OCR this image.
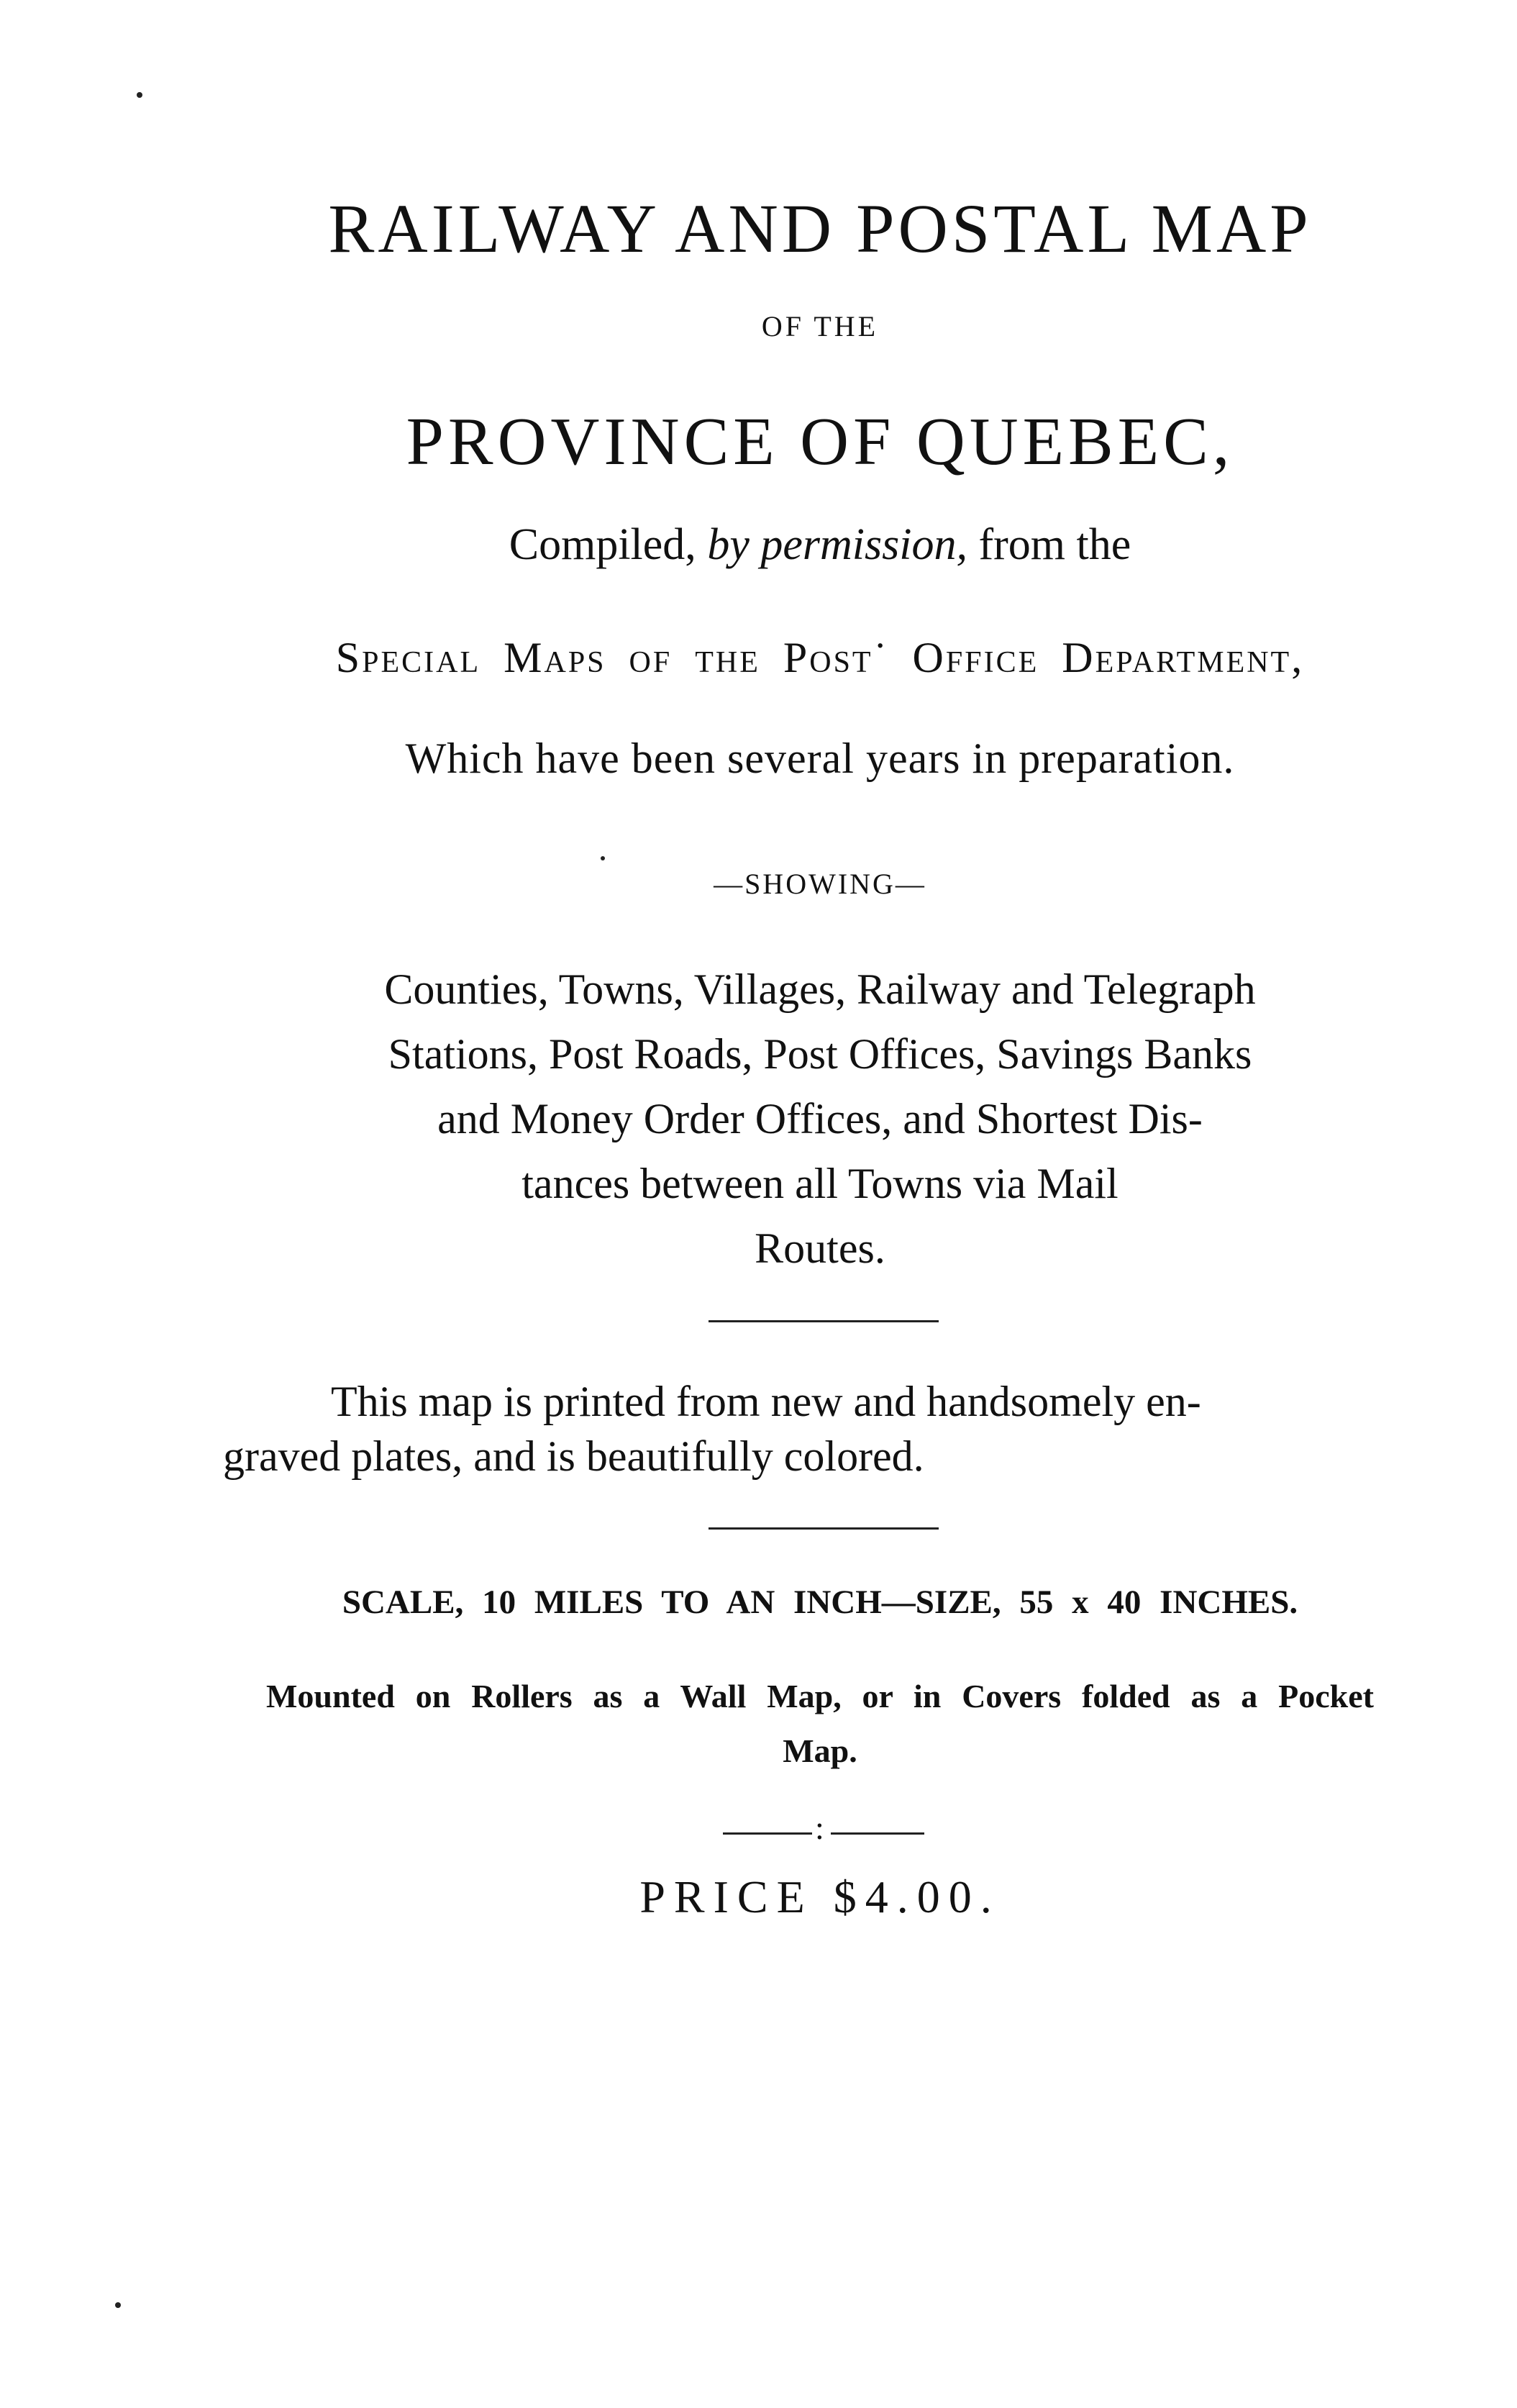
RAILWAY AND POSTAL MAP
OF THE
PROVINCE OF QUEBEC,
Compiled, by permission, from the
Special Maps of the Post˙ Office Department,
Which have been several years in preparation.
—SHOWING—
Counties, Towns, Villages, Railway and Telegraph
Stations, Post Roads, Post Offices, Savings Banks
and Money Order Offices, and Shortest Dis-
tances between all Towns via Mail
Routes.
This map is printed from new and handsomely en-
graved plates, and is beautifully colored.
SCALE, 10 MILES TO AN INCH—SIZE, 55 x 40 INCHES.
Mounted on Rollers as a Wall Map, or in Covers folded as a Pocket
Map.
:
PRICE $4.00.
